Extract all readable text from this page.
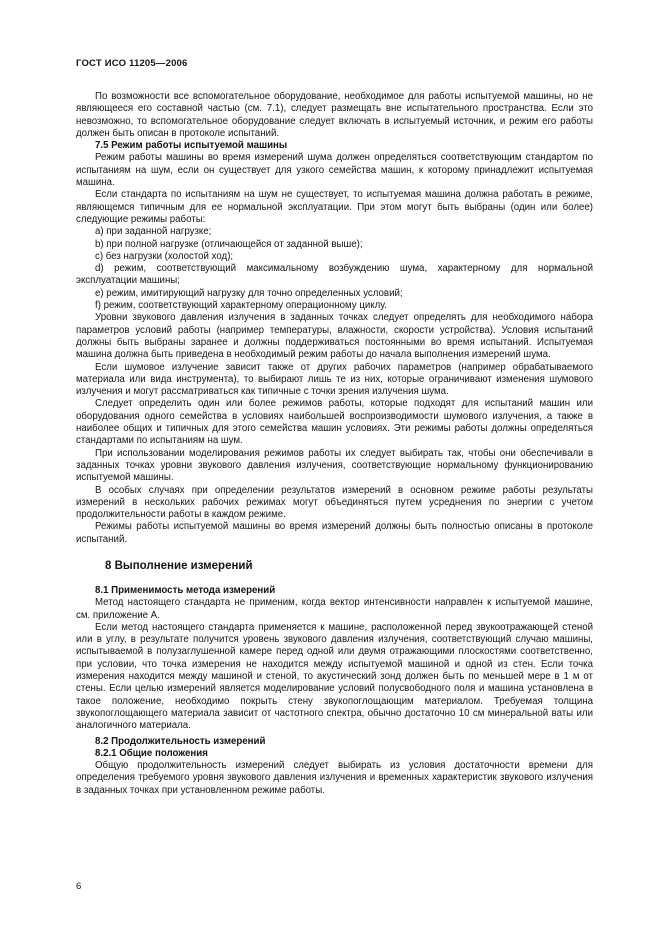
ГОСТ ИСО 11205—2006
По возможности все вспомогательное оборудование, необходимое для работы испытуемой машины, но не являющееся его составной частью (см. 7.1), следует размещать вне испытательного пространства. Если это невозможно, то вспомогательное оборудование следует включать в испытуемый источник, и режим его работы должен быть описан в протоколе испытаний.
7.5 Режим работы испытуемой машины
Режим работы машины во время измерений шума должен определяться соответствующим стандартом по испытаниям на шум, если он существует для узкого семейства машин, к которому принадлежит испытуемая машина.
Если стандарта по испытаниям на шум не существует, то испытуемая машина должна работать в режиме, являющемся типичным для ее нормальной эксплуатации. При этом могут быть выбраны (один или более) следующие режимы работы:
a) при заданной нагрузке;
b) при полной нагрузке (отличающейся от заданной выше);
c) без нагрузки (холостой ход);
d) режим, соответствующий максимальному возбуждению шума, характерному для нормальной эксплуатации машины;
e) режим, имитирующий нагрузку для точно определенных условий;
f) режим, соответствующий характерному операционному циклу.
Уровни звукового давления излучения в заданных точках следует определять для необходимого набора параметров условий работы (например температуры, влажности, скорости устройства). Условия испытаний должны быть выбраны заранее и должны поддерживаться постоянными во время испытаний. Испытуемая машина должна быть приведена в необходимый режим работы до начала выполнения измерений шума.
Если шумовое излучение зависит также от других рабочих параметров (например обрабатываемого материала или вида инструмента), то выбирают лишь те из них, которые ограничивают изменения шумового излучения и могут рассматриваться как типичные с точки зрения излучения шума.
Следует определить один или более режимов работы, которые подходят для испытаний машин или оборудования одного семейства в условиях наибольшей воспроизводимости шумового излучения, а также в наиболее общих и типичных для этого семейства машин условиях. Эти режимы работы должны определяться стандартами по испытаниям на шум.
При использовании моделирования режимов работы их следует выбирать так, чтобы они обеспечивали в заданных точках уровни звукового давления излучения, соответствующие нормальному функционированию испытуемой машины.
В особых случаях при определении результатов измерений в основном режиме работы результаты измерений в нескольких рабочих режимах могут объединяться путем усреднения по энергии с учетом продолжительности работы в каждом режиме.
Режимы работы испытуемой машины во время измерений должны быть полностью описаны в протоколе испытаний.
8 Выполнение измерений
8.1 Применимость метода измерений
Метод настоящего стандарта не применим, когда вектор интенсивности направлен к испытуемой машине, см. приложение А.
Если метод настоящего стандарта применяется к машине, расположенной перед звукоотражающей стеной или в углу, в результате получится уровень звукового давления излучения, соответствующий случаю машины, испытываемой в полузаглушенной камере перед одной или двумя отражающими плоскостями соответственно, при условии, что точка измерения не находится между испытуемой машиной и одной из стен. Если точка измерения находится между машиной и стеной, то акустический зонд должен быть по меньшей мере в 1 м от стены. Если целью измерений является моделирование условий полусвободного поля и машина установлена в такое положение, необходимо покрыть стену звукопоглощающим материалом. Требуемая толщина звукопоглощающего материала зависит от частотного спектра, обычно достаточно 10 см минеральной ваты или аналогичного материала.
8.2 Продолжительность измерений
8.2.1 Общие положения
Общую продолжительность измерений следует выбирать из условия достаточности времени для определения требуемого уровня звукового давления излучения и временных характеристик звукового излучения в заданных точках при установленном режиме работы.
6
